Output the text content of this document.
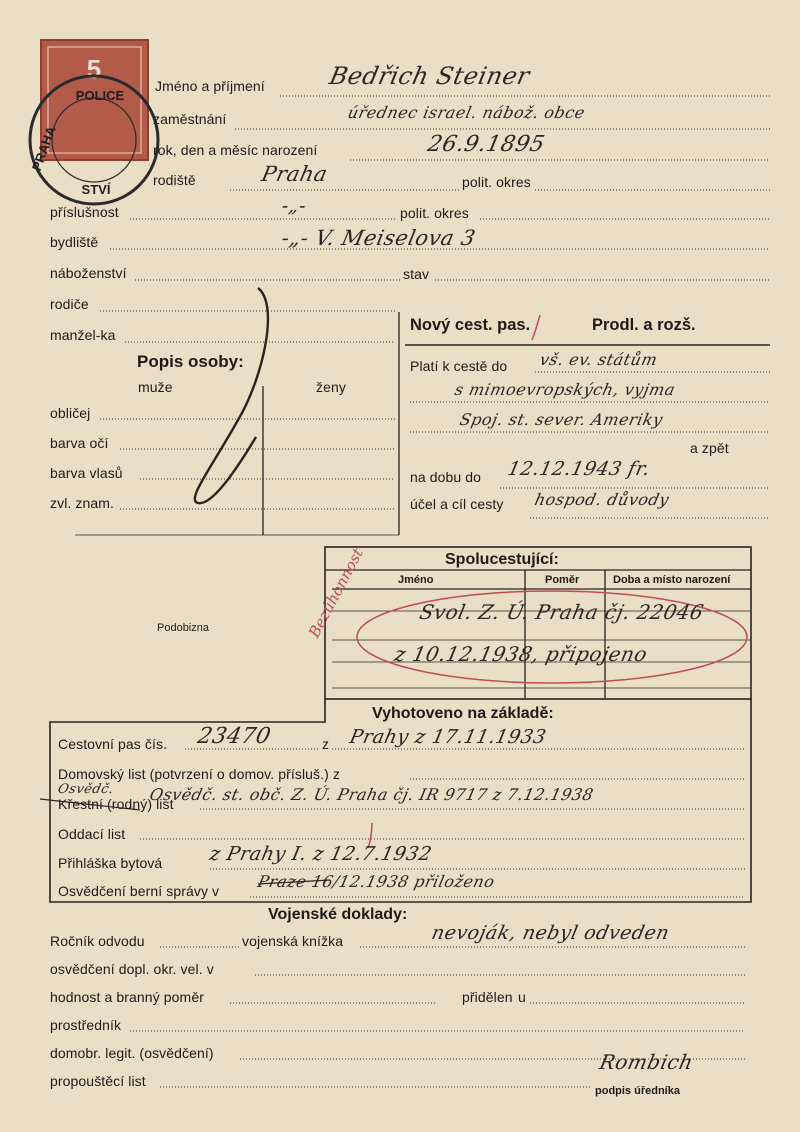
5
POLICE
PRAHA
STVÍ
Jméno a příjmení	Bedřich Steiner
zaměstnání	úřednec israel. nábož. obce
rok, den a měsíc narození	26.9.1895
rodiště	Praha	polit. okres
příslušnost	-„-	polit. okres
bydliště	-„- V. Meiselova 3
náboženství	stav
rodiče
manžel-ka
Popis osoby:
muže	ženy
obličej
barva očí
barva vlasů
zvl. znam.
Podobizna
Nový cest. pas.	Prodl. a rozš.
Platí k cestě do vš. ev. státům
s mimoevropských, vyjma
Spoj. st. sever. Ameriky
a zpět
na dobu do 12.12.1943 fr.
účel a cíl cesty hospod. důvody
Spolucestující:
Jméno	Poměr	Doba a místo narození
Bezúhonnost	Svol. Z. Ú. Praha čj. 22046
z 10.12.1938, připojeno
Vyhotoveno na základě:
Cestovní pas čís. 23470	z Prahy z 17.11.1933
Domovský list (potvrzení o domov. přísluš.) z
Křestní (rodný) list
Osvědč. Osvědč. st. obč. Z. Ú. Praha čj. IR 9717 z 7.12.1938
Oddací list
Přihláška bytová z Prahy I. z 12.7.1932
Osvědčení berní správy v Praze 16/12.1938 přiloženo
Vojenské doklady:
Ročník odvodu	vojenská knížka	nevoják, nebyl odveden
osvědčení dopl. okr. vel. v
hodnost a branný poměr	přidělen u
prostředník
domobr. legit. (osvědčení)
propouštěcí list
Rombich
podpis úředníka
